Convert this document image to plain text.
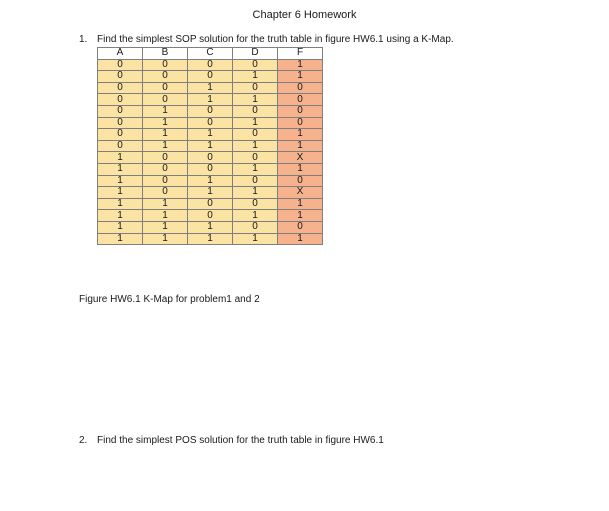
Chapter 6 Homework
1. Find the simplest SOP solution for the truth table in figure HW6.1 using a K-Map.
A	B	C	D	F
0	0	0	0	1
0	0	0	1	1
0	0	1	0	0
0	0	1	1	0
0	1	0	0	0
0	1	0	1	0
0	1	1	0	1
0	1	1	1	1
1	0	0	0	X
1	0	0	1	1
1	0	1	0	0
1	0	1	1	X
1	1	0	0	1
1	1	0	1	1
1	1	1	0	0
1	1	1	1	1
Figure HW6.1 K-Map for problem1 and 2
2. Find the simplest POS solution for the truth table in figure HW6.1
